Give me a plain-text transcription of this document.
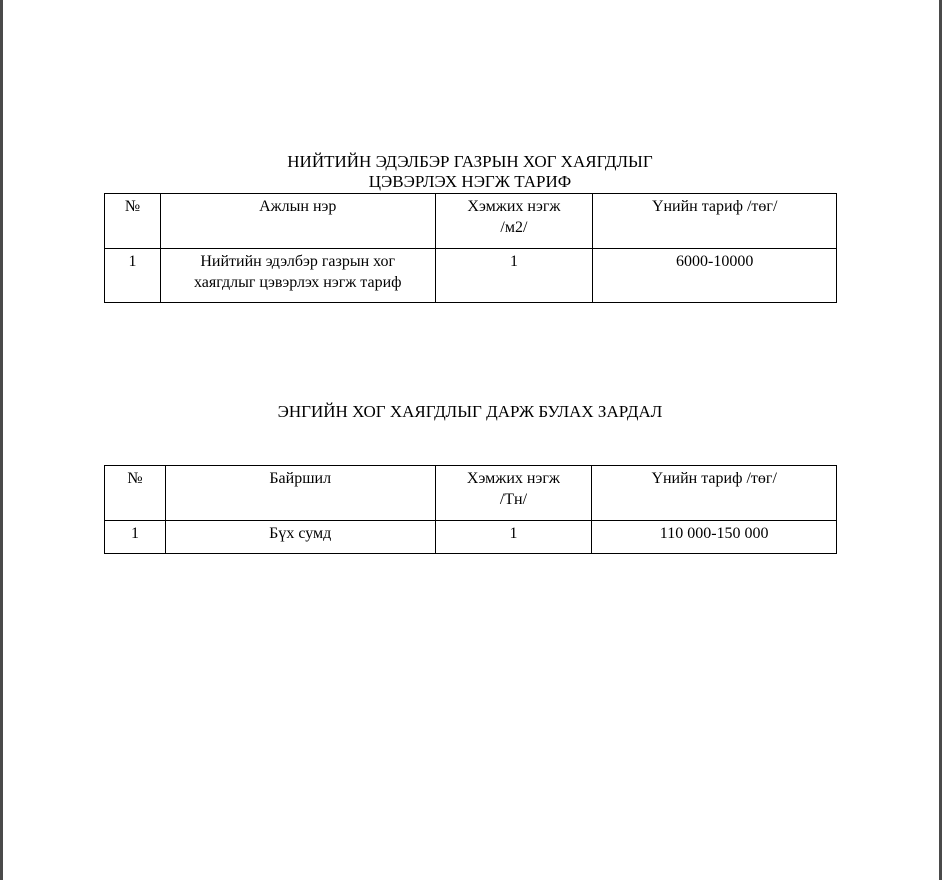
НИЙТИЙН ЭДЭЛБЭР ГАЗРЫН ХОГ ХАЯГДЛЫГ
ЦЭВЭРЛЭХ НЭГЖ ТАРИФ
№	Ажлын нэр	Хэмжих нэгж
/м2/	Үнийн тариф /төг/
1	Нийтийн эдэлбэр газрын хог
хаягдлыг цэвэрлэх нэгж тариф	1	6000-10000
ЭНГИЙН ХОГ ХАЯГДЛЫГ ДАРЖ БУЛАХ ЗАРДАЛ
№	Байршил	Хэмжих нэгж
/Тн/	Үнийн тариф /төг/
1	Бүх сумд	1	110 000-150 000
